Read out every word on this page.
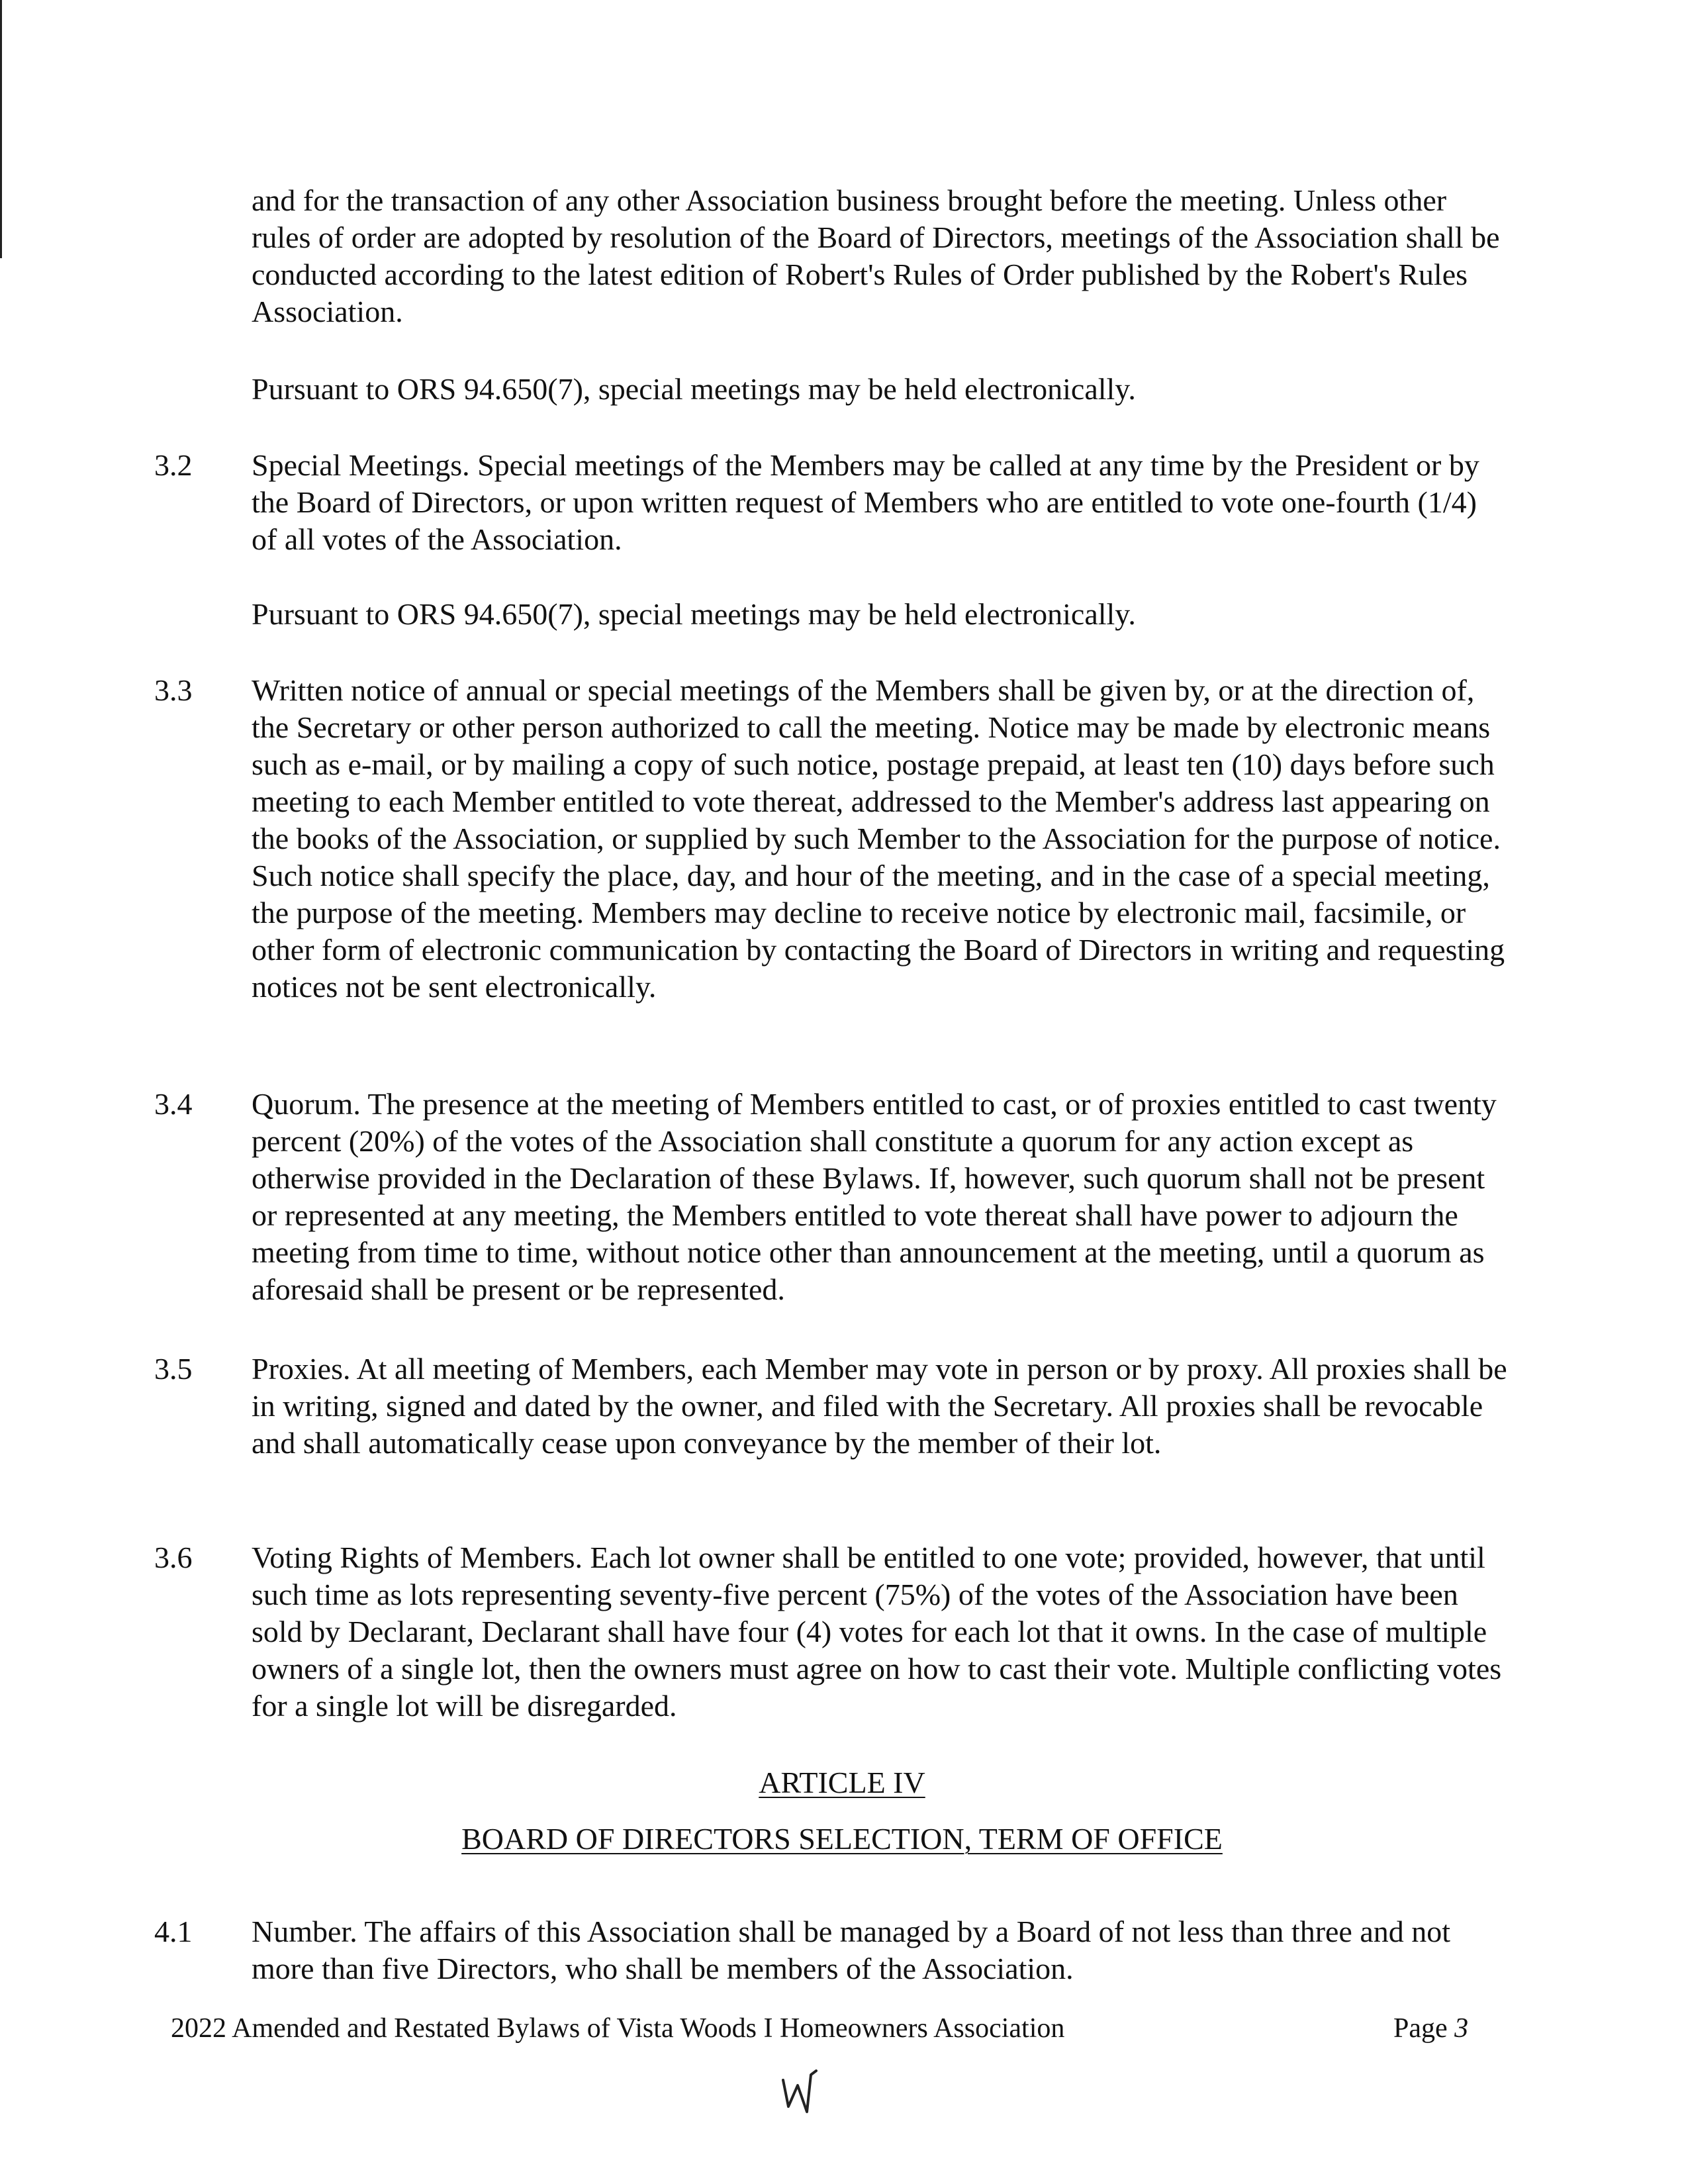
and for the transaction of any other Association business brought before the meeting. Unless other rules of order are adopted by resolution of the Board of Directors, meetings of the Association shall be conducted according to the latest edition of Robert's Rules of Order published by the Robert's Rules Association.

Pursuant to ORS 94.650(7), special meetings may be held electronically.

3.2 Special Meetings. Special meetings of the Members may be called at any time by the President or by the Board of Directors, or upon written request of Members who are entitled to vote one-fourth (1/4) of all votes of the Association.

Pursuant to ORS 94.650(7), special meetings may be held electronically.

3.3 Written notice of annual or special meetings of the Members shall be given by, or at the direction of, the Secretary or other person authorized to call the meeting. Notice may be made by electronic means such as e-mail, or by mailing a copy of such notice, postage prepaid, at least ten (10) days before such meeting to each Member entitled to vote thereat, addressed to the Member's address last appearing on the books of the Association, or supplied by such Member to the Association for the purpose of notice. Such notice shall specify the place, day, and hour of the meeting, and in the case of a special meeting, the purpose of the meeting. Members may decline to receive notice by electronic mail, facsimile, or other form of electronic communication by contacting the Board of Directors in writing and requesting notices not be sent electronically.

3.4 Quorum. The presence at the meeting of Members entitled to cast, or of proxies entitled to cast twenty percent (20%) of the votes of the Association shall constitute a quorum for any action except as otherwise provided in the Declaration of these Bylaws. If, however, such quorum shall not be present or represented at any meeting, the Members entitled to vote thereat shall have power to adjourn the meeting from time to time, without notice other than announcement at the meeting, until a quorum as aforesaid shall be present or be represented.

3.5 Proxies. At all meeting of Members, each Member may vote in person or by proxy. All proxies shall be in writing, signed and dated by the owner, and filed with the Secretary. All proxies shall be revocable and shall automatically cease upon conveyance by the member of their lot.

3.6 Voting Rights of Members. Each lot owner shall be entitled to one vote; provided, however, that until such time as lots representing seventy-five percent (75%) of the votes of the Association have been sold by Declarant, Declarant shall have four (4) votes for each lot that it owns. In the case of multiple owners of a single lot, then the owners must agree on how to cast their vote. Multiple conflicting votes for a single lot will be disregarded.

ARTICLE IV
BOARD OF DIRECTORS SELECTION, TERM OF OFFICE
4.1 Number. The affairs of this Association shall be managed by a Board of not less than three and not more than five Directors, who shall be members of the Association.

2022 Amended and Restated Bylaws of Vista Woods I Homeowners Association	Page 3
